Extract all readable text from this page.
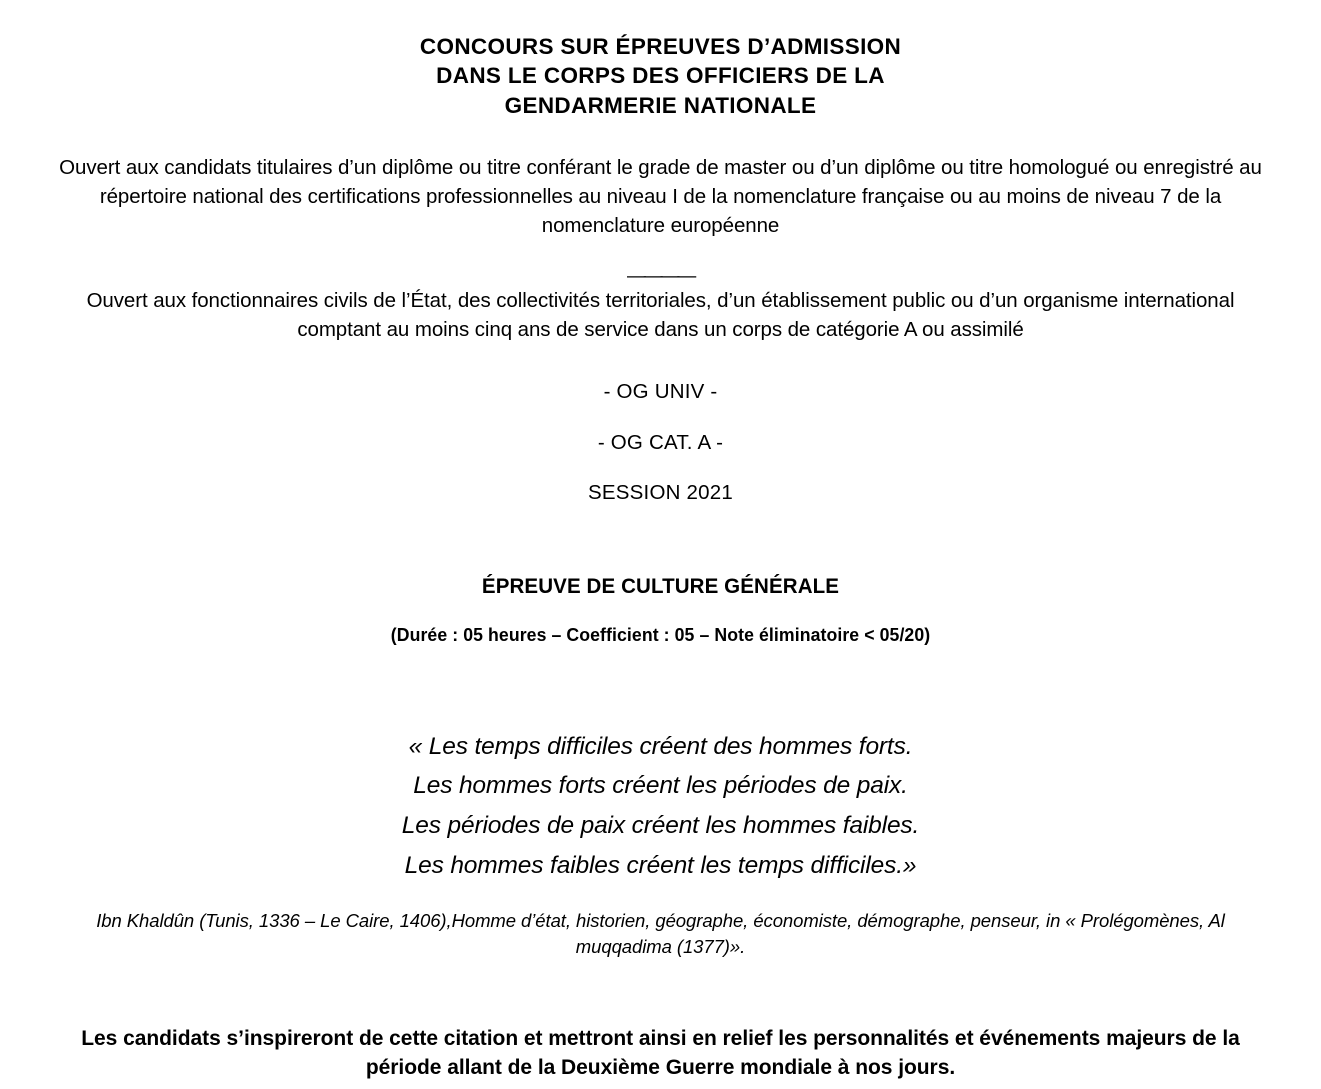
CONCOURS SUR ÉPREUVES D’ADMISSION
DANS LE CORPS DES OFFICIERS DE LA
GENDARMERIE NATIONALE

Ouvert aux candidats titulaires d’un diplôme ou titre conférant le grade de master ou d’un diplôme ou titre homologué ou enregistré au répertoire national des certifications professionnelles au niveau I de la nomenclature française ou au moins de niveau 7 de la nomenclature européenne

————

Ouvert aux fonctionnaires civils de l’État, des collectivités territoriales, d’un établissement public ou d’un organisme international comptant au moins cinq ans de service dans un corps de catégorie A ou assimilé

- OG UNIV -

- OG CAT. A -

SESSION 2021

ÉPREUVE DE CULTURE GÉNÉRALE

(Durée : 05 heures – Coefficient : 05 – Note éliminatoire < 05/20)

« Les temps difficiles créent des hommes forts.
Les hommes forts créent les périodes de paix.
Les périodes de paix créent les hommes faibles.
Les hommes faibles créent les temps difficiles.»

Ibn Khaldûn (Tunis, 1336 – Le Caire, 1406),Homme d’état, historien, géographe, économiste, démographe, penseur, in « Prolégomènes, Al muqqadima (1377)».

Les candidats s’inspireront de cette citation et mettront ainsi en relief les personnalités et événements majeurs de la période allant de la Deuxième Guerre mondiale à nos jours.
